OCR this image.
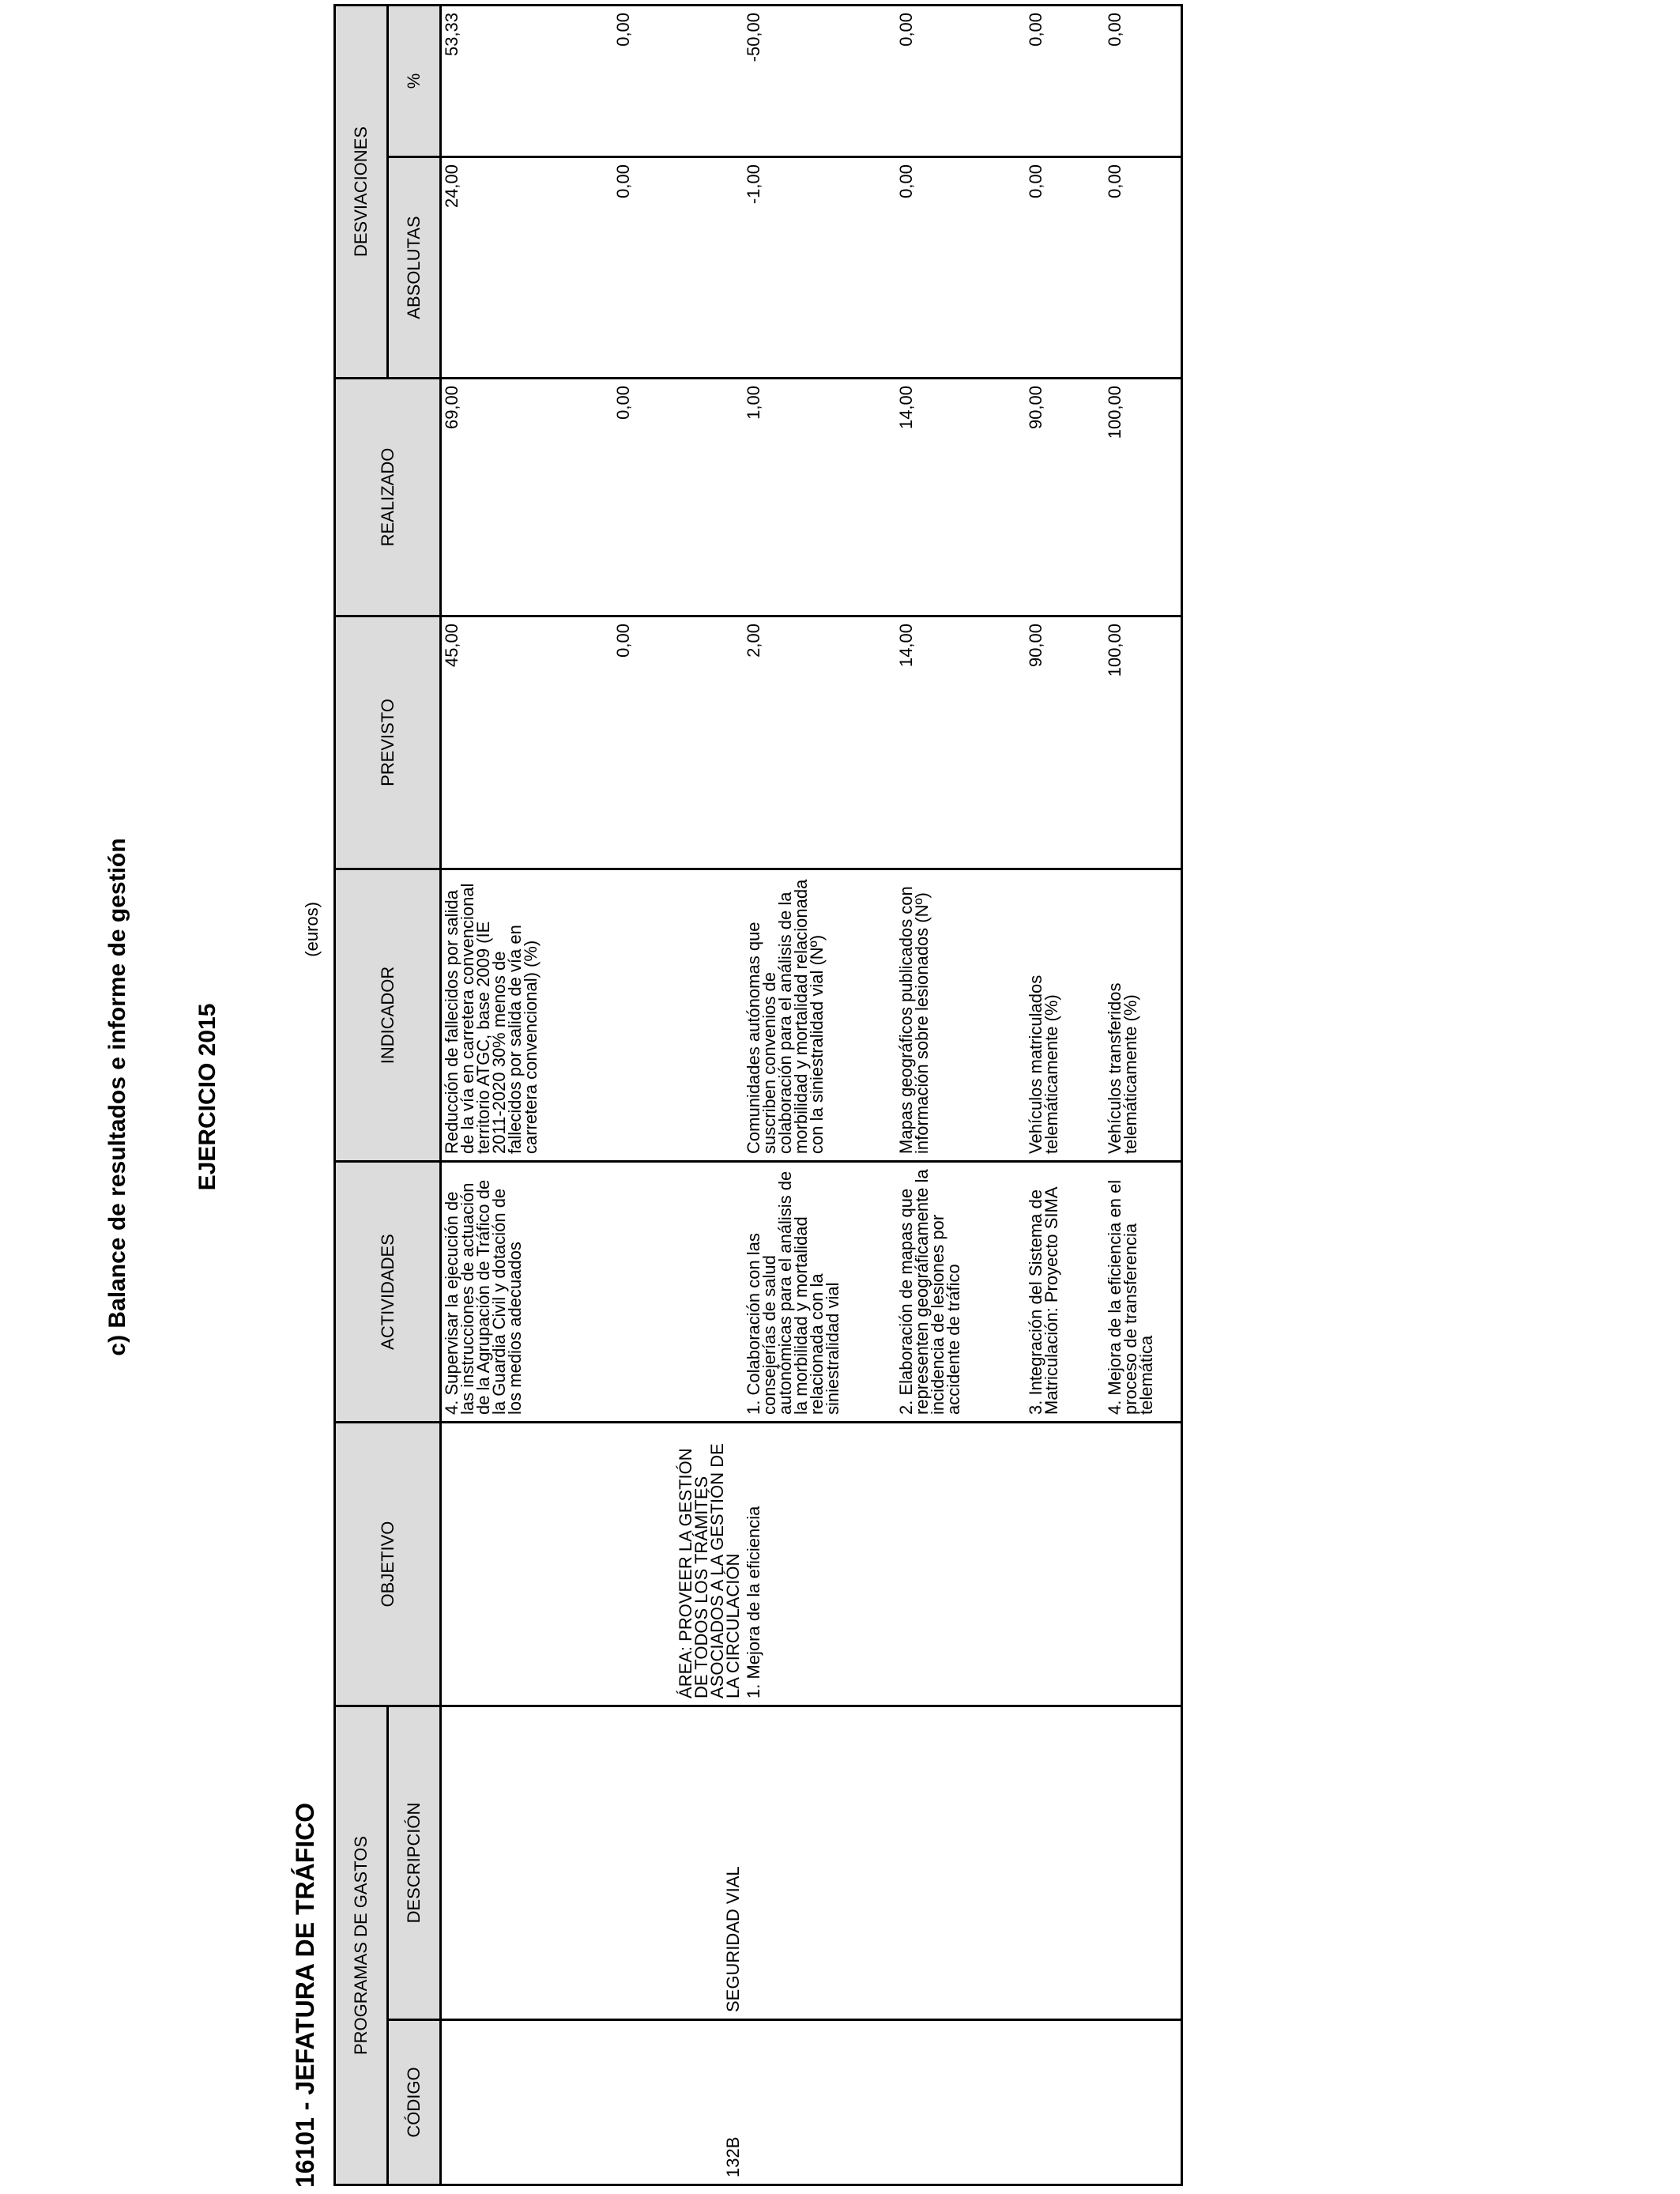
c) Balance de resultados e informe de gestión	EJERCICIO 2015
16101 - JEFATURA DE TRÁFICO
(euros)
PROGRAMAS DE GASTOS		OBJETIVO	ACTIVIDADES	INDICADOR	PREVISTO	REALIZADO	DESVIACIONES	
CÓDIGO	DESCRIPCIÓN						ABSOLUTAS	%
			4. Supervisar la ejecución de las instrucciones de actuación de la Agrupación de Tráfico de la Guardia Civil y dotación de los medios adecuados	Reducción de fallecidos por salida de la vía en carretera convencional territorio ATGC, base 2009 (IE 2011-2020 30% menos de fallecidos por salida de vía en carretera convencional) (%)	45,00	69,00	24,00	53,33
132B	SEGURIDAD VIAL	ÁREA: PROVEER LA GESTIÓN DE TODOS LOS TRÁMITES ASOCIADOS A LA GESTIÓN DE LA CIRCULACIÓN			0,00	0,00	0,00	0,00
		1. Mejora de la eficiencia	1. Colaboración con las consejerías de salud autonómicas para el análisis de la morbilidad y mortalidad relacionada con la siniestralidad vial	Comunidades autónomas que suscriben convenios de colaboración para el análisis de la morbilidad y mortalidad relacionada con la siniestralidad vial (Nº)	2,00	1,00	-1,00	-50,00
			2. Elaboración de mapas que representen geográficamente la incidencia de lesiones por accidente de tráfico	Mapas geográficos publicados con información sobre lesionados (Nº)	14,00	14,00	0,00	0,00
			3. Integración del Sistema de Matriculación: Proyecto SIMA	Vehículos matriculados telemáticamente (%)	90,00	90,00	0,00	0,00
			4. Mejora de la eficiencia en el proceso de transferencia telemática	Vehículos transferidos telemáticamente (%)	100,00	100,00	0,00	0,00
